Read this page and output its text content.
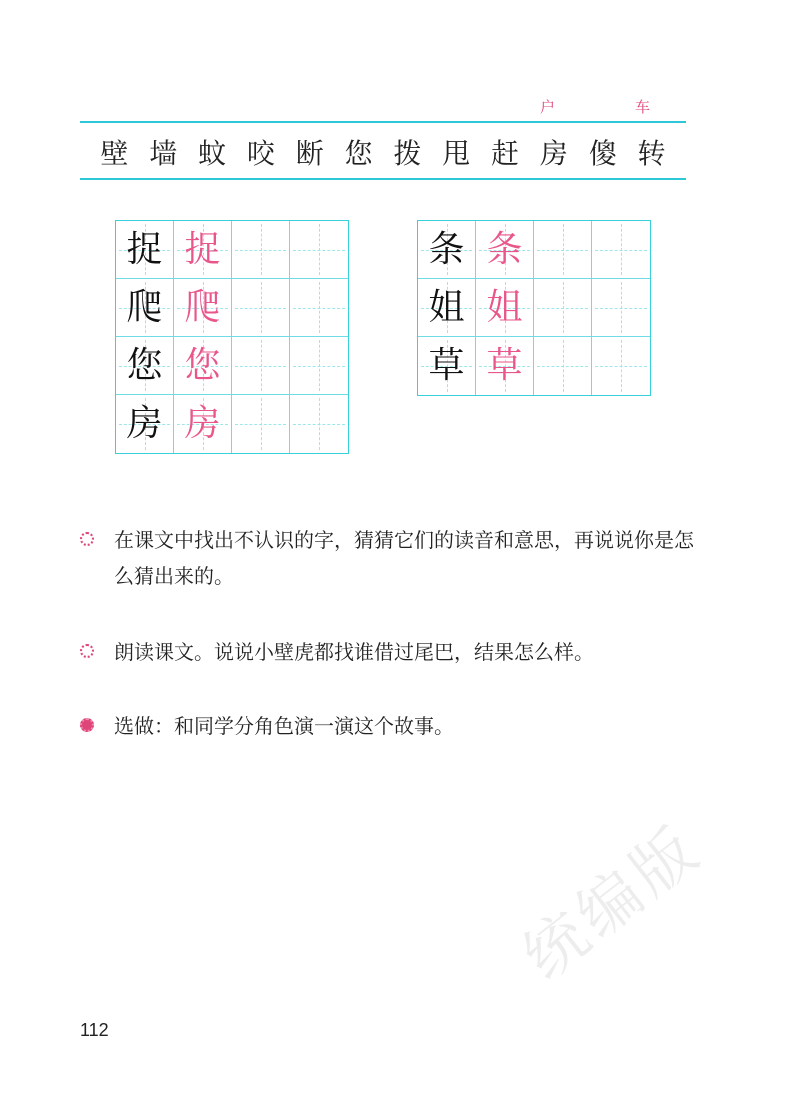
户	车
壁 墙 蚊 咬 断 您 拨 甩 赶 房 傻 转
捉 捉
爬 爬
您 您
房 房
条 条
姐 姐
草 草
在课文中找出不认识的字，猜猜它们的读音和意思，再说说你是怎么猜出来的。
朗读课文。说说小壁虎都找谁借过尾巴，结果怎么样。
选做：和同学分角色演一演这个故事。
112
统编版
